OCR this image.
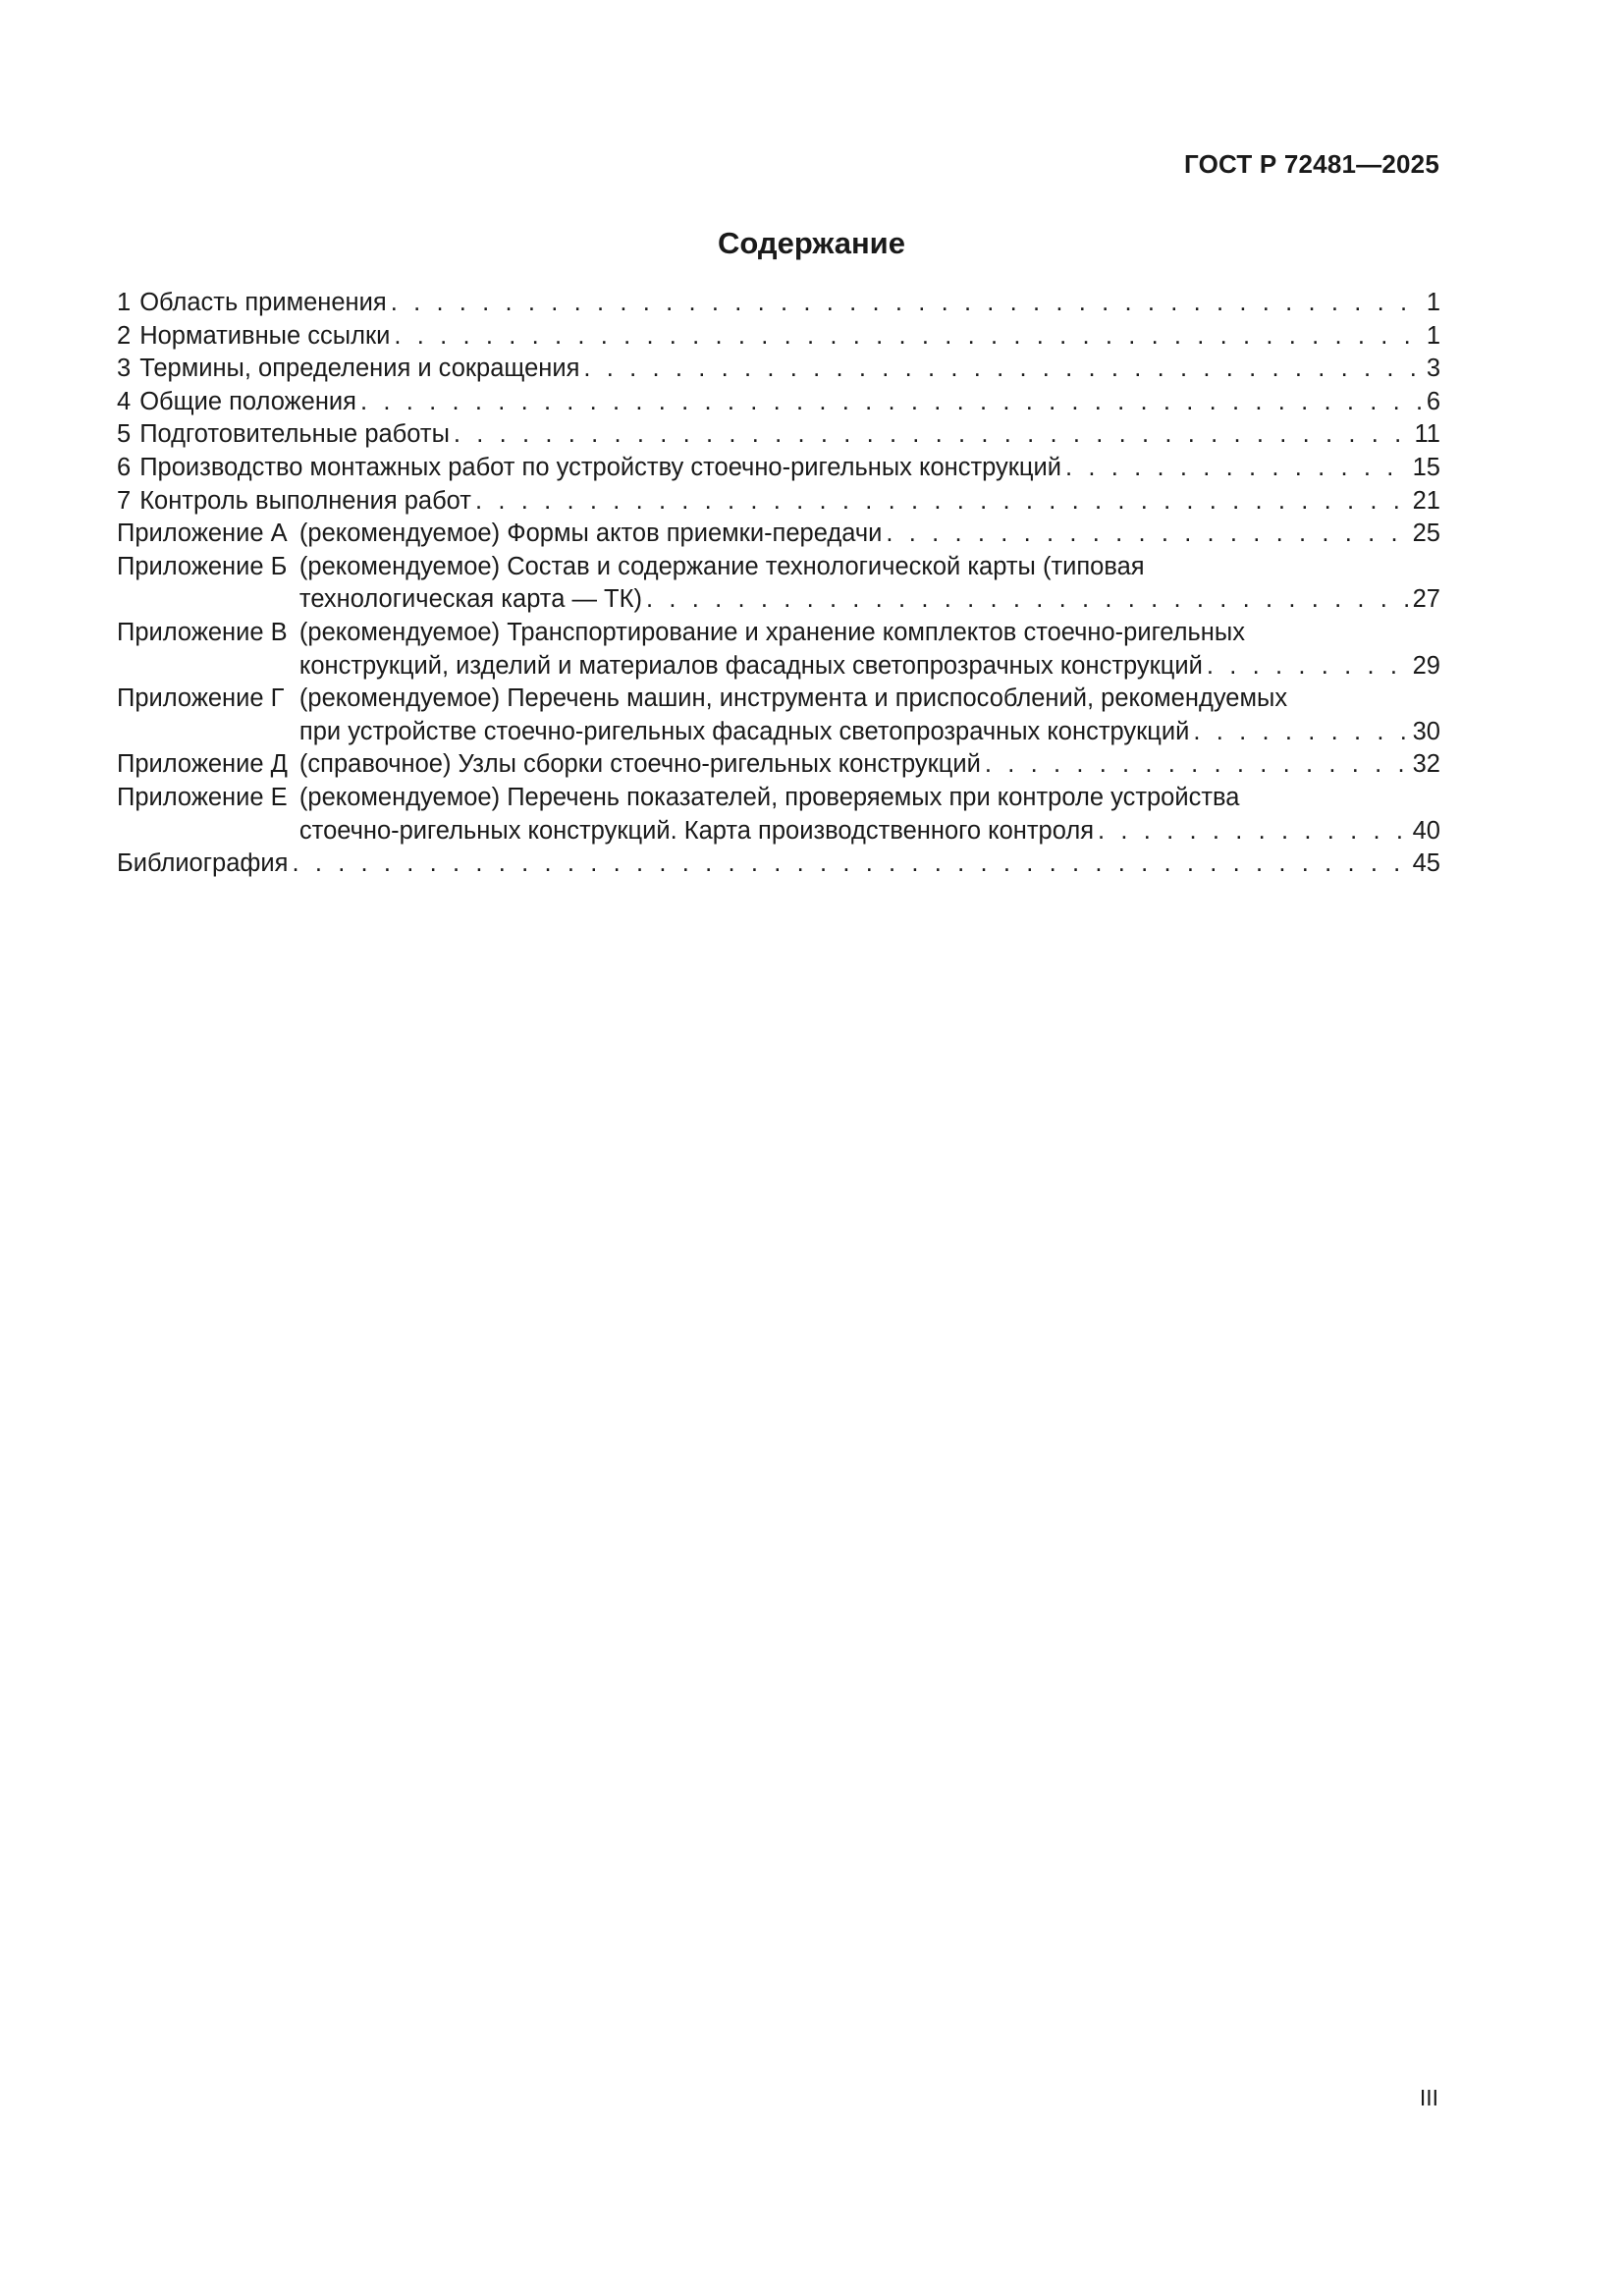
ГОСТ Р 72481—2025
Содержание
1 Область применения . . .	1
2 Нормативные ссылки . . .	1
3 Термины, определения и сокращения . . .	3
4 Общие положения . . .	6
5 Подготовительные работы . . .	11
6 Производство монтажных работ по устройству стоечно-ригельных конструкций . . .	15
7 Контроль выполнения работ . . .	21
Приложение А (рекомендуемое) Формы актов приемки-передачи . . .	25
Приложение Б (рекомендуемое) Состав и содержание технологической карты (типовая
технологическая карта — ТК) . . .	27
Приложение В (рекомендуемое) Транспортирование и хранение комплектов стоечно-ригельных
конструкций, изделий и материалов фасадных светопрозрачных конструкций . . .	29
Приложение Г (рекомендуемое) Перечень машин, инструмента и приспособлений, рекомендуемых
при устройстве стоечно-ригельных фасадных светопрозрачных конструкций . . .	30
Приложение Д (справочное) Узлы сборки стоечно-ригельных конструкций . . .	32
Приложение Е (рекомендуемое) Перечень показателей, проверяемых при контроле устройства
стоечно-ригельных конструкций. Карта производственного контроля . . .	40
Библиография . . .	45
III
